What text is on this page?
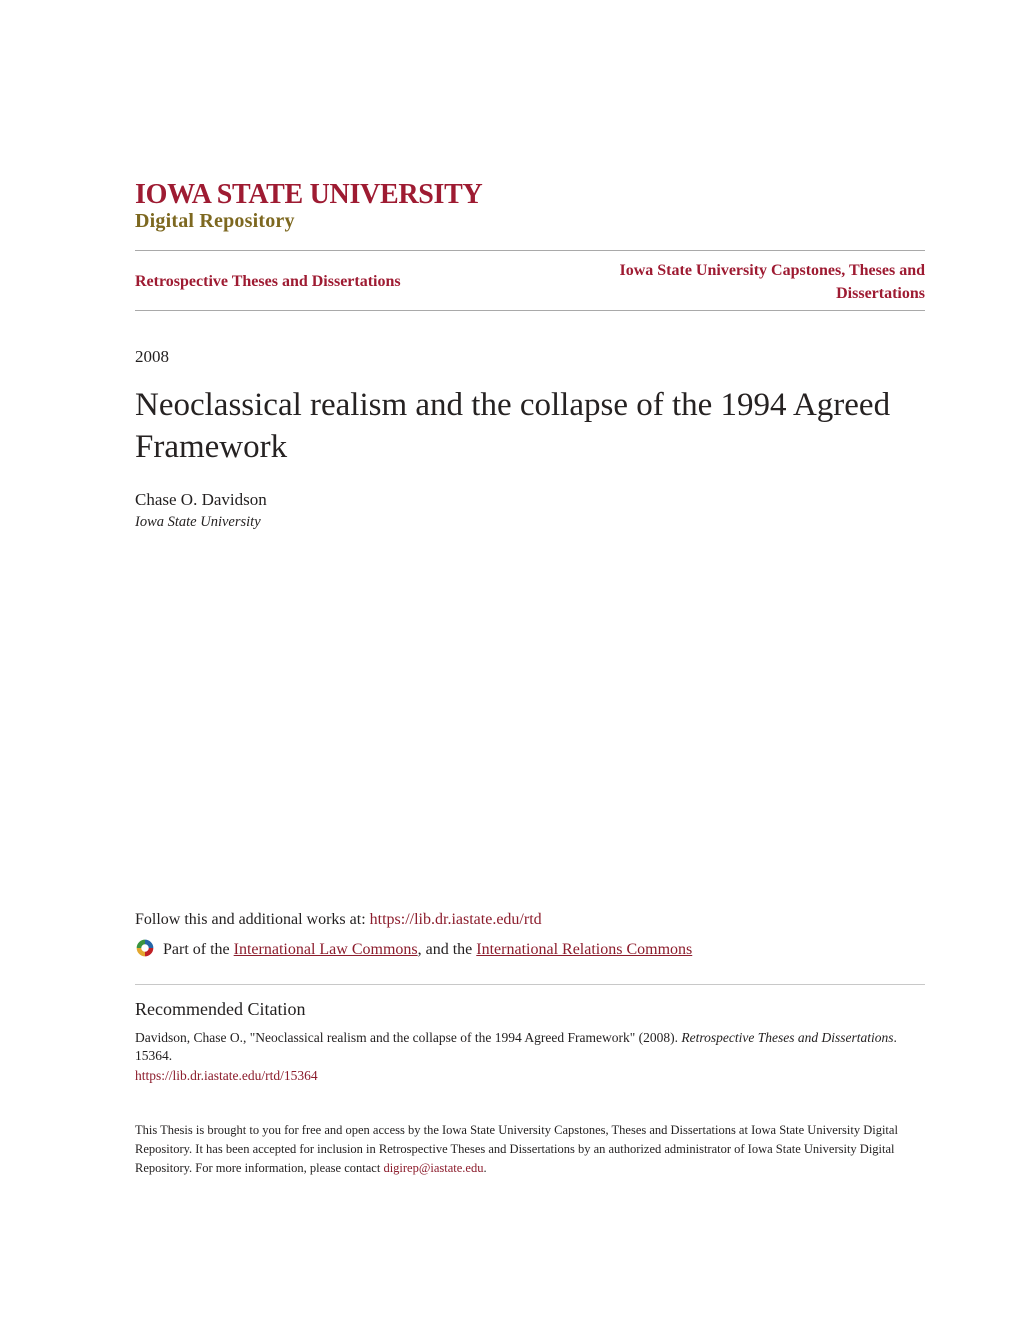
IOWA STATE UNIVERSITY
Digital Repository
Retrospective Theses and Dissertations
Iowa State University Capstones, Theses and Dissertations
2008
Neoclassical realism and the collapse of the 1994 Agreed Framework
Chase O. Davidson
Iowa State University

Follow this and additional works at: https://lib.dr.iastate.edu/rtd

Part of the International Law Commons, and the International Relations Commons

Recommended Citation

Davidson, Chase O., "Neoclassical realism and the collapse of the 1994 Agreed Framework" (2008). Retrospective Theses and Dissertations. 15364.

https://lib.dr.iastate.edu/rtd/15364

This Thesis is brought to you for free and open access by the Iowa State University Capstones, Theses and Dissertations at Iowa State University Digital Repository. It has been accepted for inclusion in Retrospective Theses and Dissertations by an authorized administrator of Iowa State University Digital Repository. For more information, please contact digirep@iastate.edu.
